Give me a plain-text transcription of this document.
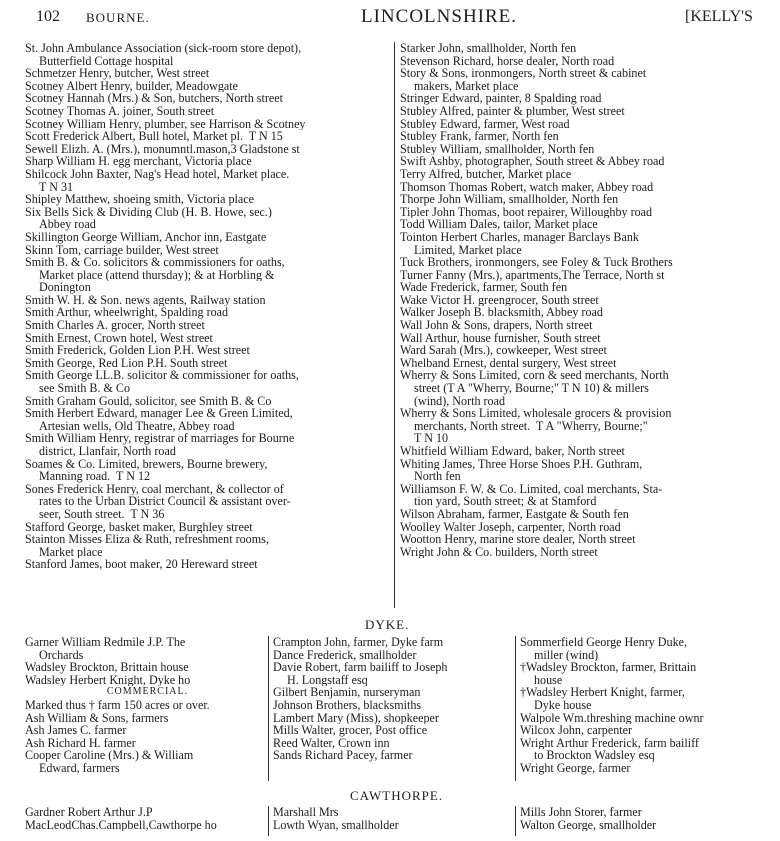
102 BOURNE.	LINCOLNSHIRE.	[KELLY'S
St. John Ambulance Association (sick-room store depot),
Butterfield Cottage hospital
Schmetzer Henry, butcher, West street
Scotney Albert Henry, builder, Meadowgate
Scotney Hannah (Mrs.) & Son, butchers, North street
Scotney Thomas A. joiner, South street
Scotney William Henry, plumber, see Harrison & Scotney
Scott Frederick Albert, Bull hotel, Market pl.  T N 15
Sewell Elizh. A. (Mrs.), monumntl.mason,3 Gladstone st
Sharp William H. egg merchant, Victoria place
Shilcock John Baxter, Nag's Head hotel, Market place.
T N 31
Shipley Matthew, shoeing smith, Victoria place
Six Bells Sick & Dividing Club (H. B. Howe, sec.)
Abbey road
Skillington George William, Anchor inn, Eastgate
Skinn Tom, carriage builder, West street
Smith B. & Co. solicitors & commissioners for oaths,
Market place (attend thursday); & at Horbling &
Donington
Smith W. H. & Son. news agents, Railway station
Smith Arthur, wheelwright, Spalding road
Smith Charles A. grocer, North street
Smith Ernest, Crown hotel, West street
Smith Frederick, Golden Lion P.H. West street
Smith George, Red Lion P.H. South street
Smith George LL.B. solicitor & commissioner for oaths,
see Smith B. & Co
Smith Graham Gould, solicitor, see Smith B. & Co
Smith Herbert Edward, manager Lee & Green Limited,
Artesian wells, Old Theatre, Abbey road
Smith William Henry, registrar of marriages for Bourne
district, Llanfair, North road
Soames & Co. Limited, brewers, Bourne brewery,
Manning road.  T N 12
Sones Frederick Henry, coal merchant, & collector of
rates to the Urban District Council & assistant over-
seer, South street.  T N 36
Stafford George, basket maker, Burghley street
Stainton Misses Eliza & Ruth, refreshment rooms,
Market place
Stanford James, boot maker, 20 Hereward street
Starker John, smallholder, North fen
Stevenson Richard, horse dealer, North road
Story & Sons, ironmongers, North street & cabinet
makers, Market place
Stringer Edward, painter, 8 Spalding road
Stubley Alfred, painter & plumber, West street
Stubley Edward, farmer, West road
Stubley Frank, farmer, North fen
Stubley William, smallholder, North fen
Swift Ashby, photographer, South street & Abbey road
Terry Alfred, butcher, Market place
Thomson Thomas Robert, watch maker, Abbey road
Thorpe John William, smallholder, North fen
Tipler John Thomas, boot repairer, Willoughby road
Todd William Dales, tailor, Market place
Tointon Herbert Charles, manager Barclays Bank
Limited, Market place
Tuck Brothers, ironmongers, see Foley & Tuck Brothers
Turner Fanny (Mrs.), apartments,The Terrace, North st
Wade Frederick, farmer, South fen
Wake Victor H. greengrocer, South street
Walker Joseph B. blacksmith, Abbey road
Wall John & Sons, drapers, North street
Wall Arthur, house furnisher, South street
Ward Sarah (Mrs.), cowkeeper, West street
Whelband Ernest, dental surgery, West street
Wherry & Sons Limited, corn & seed merchants, North
street (T A "Wherry, Bourne;" T N 10) & millers
(wind), North road
Wherry & Sons Limited, wholesale grocers & provision
merchants, North street.  T A "Wherry, Bourne;"
T N 10
Whitfield William Edward, baker, North street
Whiting James, Three Horse Shoes P.H. Guthram,
North fen
Williamson F. W. & Co. Limited, coal merchants, Sta-
tion yard, South street; & at Stamford
Wilson Abraham, farmer, Eastgate & South fen
Woolley Walter Joseph, carpenter, North road
Wootton Henry, marine store dealer, North street
Wright John & Co. builders, North street
DYKE.
Garner William Redmile J.P. The
Orchards
Wadsley Brockton, Brittain house
Wadsley Herbert Knight, Dyke ho
COMMERCIAL.
Marked thus † farm 150 acres or over.
Ash William & Sons, farmers
Ash James C. farmer
Ash Richard H. farmer
Cooper Caroline (Mrs.) & William
Edward, farmers
Crampton John, farmer, Dyke farm
Dance Frederick, smallholder
Davie Robert, farm bailiff to Joseph
H. Longstaff esq
Gilbert Benjamin, nurseryman
Johnson Brothers, blacksmiths
Lambert Mary (Miss), shopkeeper
Mills Walter, grocer, Post office
Reed Walter, Crown inn
Sands Richard Pacey, farmer
Sommerfield George Henry Duke,
miller (wind)
†Wadsley Brockton, farmer, Brittain
house
†Wadsley Herbert Knight, farmer,
Dyke house
Walpole Wm.threshing machine ownr
Wilcox John, carpenter
Wright Arthur Frederick, farm bailiff
to Brockton Wadsley esq
Wright George, farmer
CAWTHORPE.
Gardner Robert Arthur J.P
MacLeodChas.Campbell,Cawthorpe ho
Marshall Mrs
Lowth Wyan, smallholder
Mills John Storer, farmer
Walton George, smallholder
